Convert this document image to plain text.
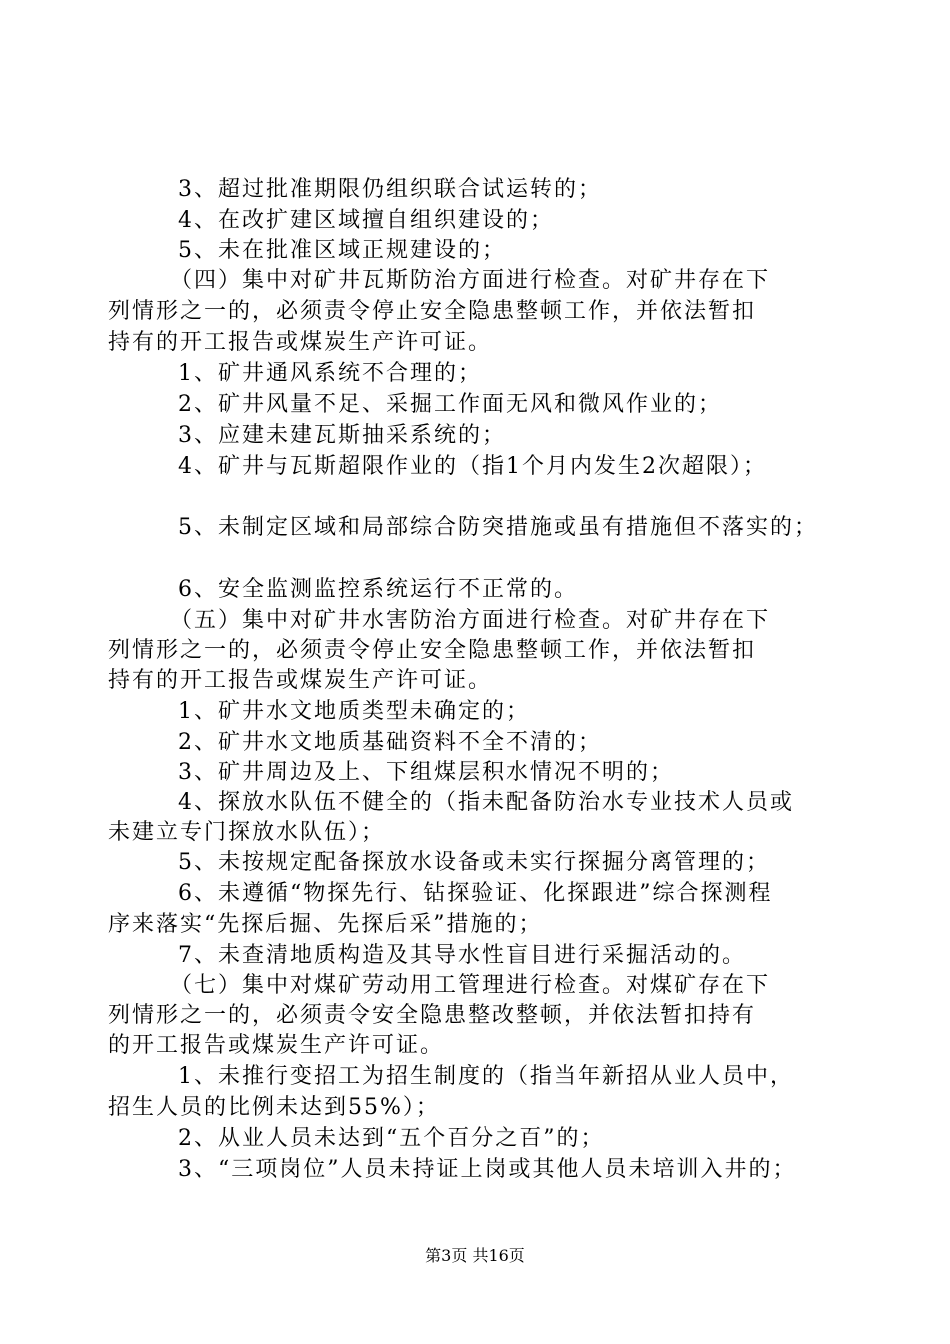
3、超过批准期限仍组织联合试运转的；
4、在改扩建区域擅自组织建设的；
5、未在批准区域正规建设的；
（四）集中对矿井瓦斯防治方面进行检查。对矿井存在下
列情形之一的，必须责令停止安全隐患整顿工作，并依法暂扣
持有的开工报告或煤炭生产许可证。
1、矿井通风系统不合理的；
2、矿井风量不足、采掘工作面无风和微风作业的；
3、应建未建瓦斯抽采系统的；
4、矿井与瓦斯超限作业的（指1个月内发生2次超限）；
5、未制定区域和局部综合防突措施或虽有措施但不落实的；
6、安全监测监控系统运行不正常的。
（五）集中对矿井水害防治方面进行检查。对矿井存在下
列情形之一的，必须责令停止安全隐患整顿工作，并依法暂扣
持有的开工报告或煤炭生产许可证。
1、矿井水文地质类型未确定的；
2、矿井水文地质基础资料不全不清的；
3、矿井周边及上、下组煤层积水情况不明的；
4、探放水队伍不健全的（指未配备防治水专业技术人员或
未建立专门探放水队伍）；
5、未按规定配备探放水设备或未实行探掘分离管理的；
6、未遵循“物探先行、钻探验证、化探跟进”综合探测程
序来落实“先探后掘、先探后采”措施的；
7、未查清地质构造及其导水性盲目进行采掘活动的。
（七）集中对煤矿劳动用工管理进行检查。对煤矿存在下
列情形之一的，必须责令安全隐患整改整顿，并依法暂扣持有
的开工报告或煤炭生产许可证。
1、未推行变招工为招生制度的（指当年新招从业人员中，
招生人员的比例未达到55%）；
2、从业人员未达到“五个百分之百”的；
3、“三项岗位”人员未持证上岗或其他人员未培训入井的；
第3页 共16页
